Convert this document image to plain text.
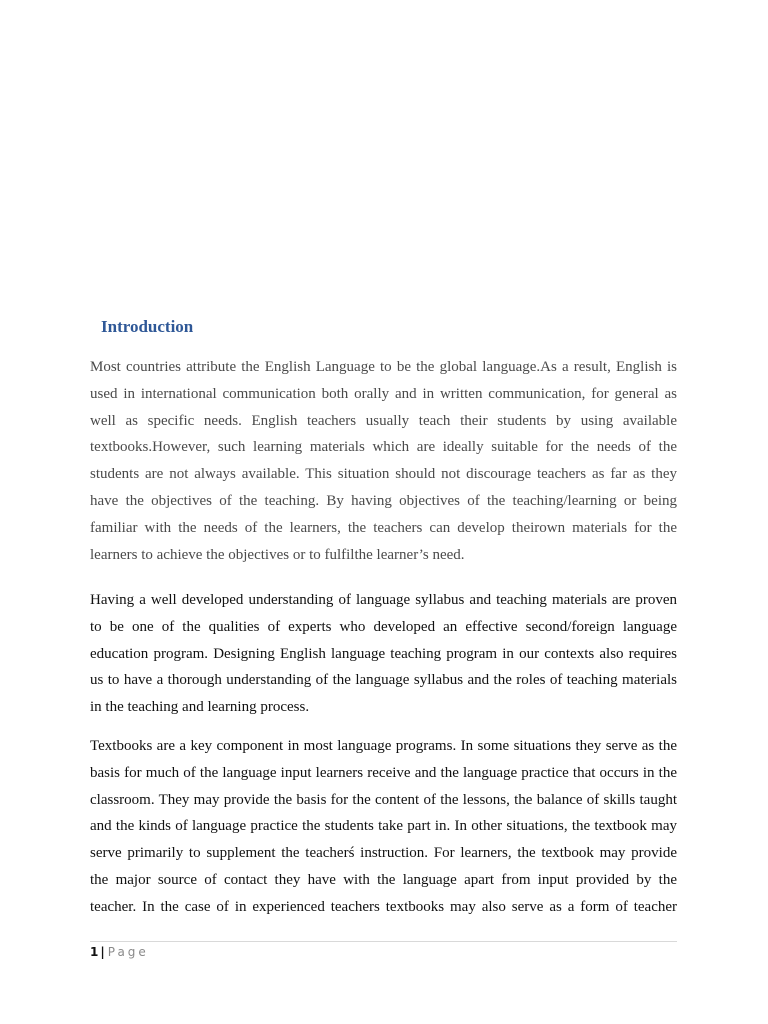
Introduction
Most countries attribute the English Language to be the global language.As a result, English is
used in international communication both orally and in written communication, for general as
well as specific needs. English teachers usually teach their students by using available
textbooks.However, such learning materials which are ideally suitable for the needs of the
students are not always available. This situation should not discourage teachers as far as they
have the objectives of the teaching. By having objectives of the teaching/learning or being
familiar with the needs of the learners, the teachers can develop theirown materials for the
learners to achieve the objectives or to fulfilthe learner’s need.
Having a well developed understanding of language syllabus and teaching materials are proven
to be one of the qualities of experts who developed an effective second/foreign language
education program. Designing English language teaching program in our contexts also requires
us to have a thorough understanding of the language syllabus and the roles of teaching materials
in the teaching and learning process.
Textbooks are a key component in most language programs. In some situations they serve as the
basis for much of the language input learners receive and the language practice that occurs in the
classroom. They may provide the basis for the content of the lessons, the balance of skills taught
and the kinds of language practice the students take part in. In other situations, the textbook may
serve primarily to supplement the teacherś instruction. For learners, the textbook may provide
the major source of contact they have with the language apart from input provided by the
teacher. In the case of in experienced teachers textbooks may also serve as a form of teacher
1 | Page
